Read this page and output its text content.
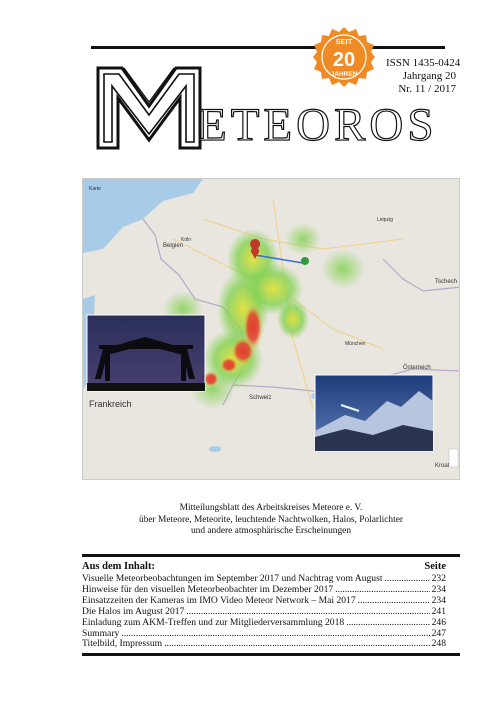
M
ETEOROS
SEIT
20
JAHREN
ISSN 1435-0424
Jahrgang 20
Nr. 11 / 2017
Karte
Köln
Belgien
Leipzig
Tschech
München
Österreich
Schweiz
Frankreich
Kroat
Mitteilungsblatt des Arbeitskreises Meteore e. V.
über Meteore, Meteorite, leuchtende Nachtwolken, Halos, Polarlichter
und andere atmosphärische Erscheinungen
Aus dem Inhalt:	Seite
Visuelle Meteorbeobachtungen im September 2017 und Nachtrag vom August .....	232
Hinweise für den visuellen Meteorbeobachter im Dezember 2017 .....	234
Einsatzzeiten der Kameras im IMO Video Meteor Network – Mai 2017 .....	234
Die Halos im August 2017 .....	241
Einladung zum AKM-Treffen und zur Mitgliederversammlung 2018 .....	246
Summary .....	247
Titelbild, Impressum .....	248
